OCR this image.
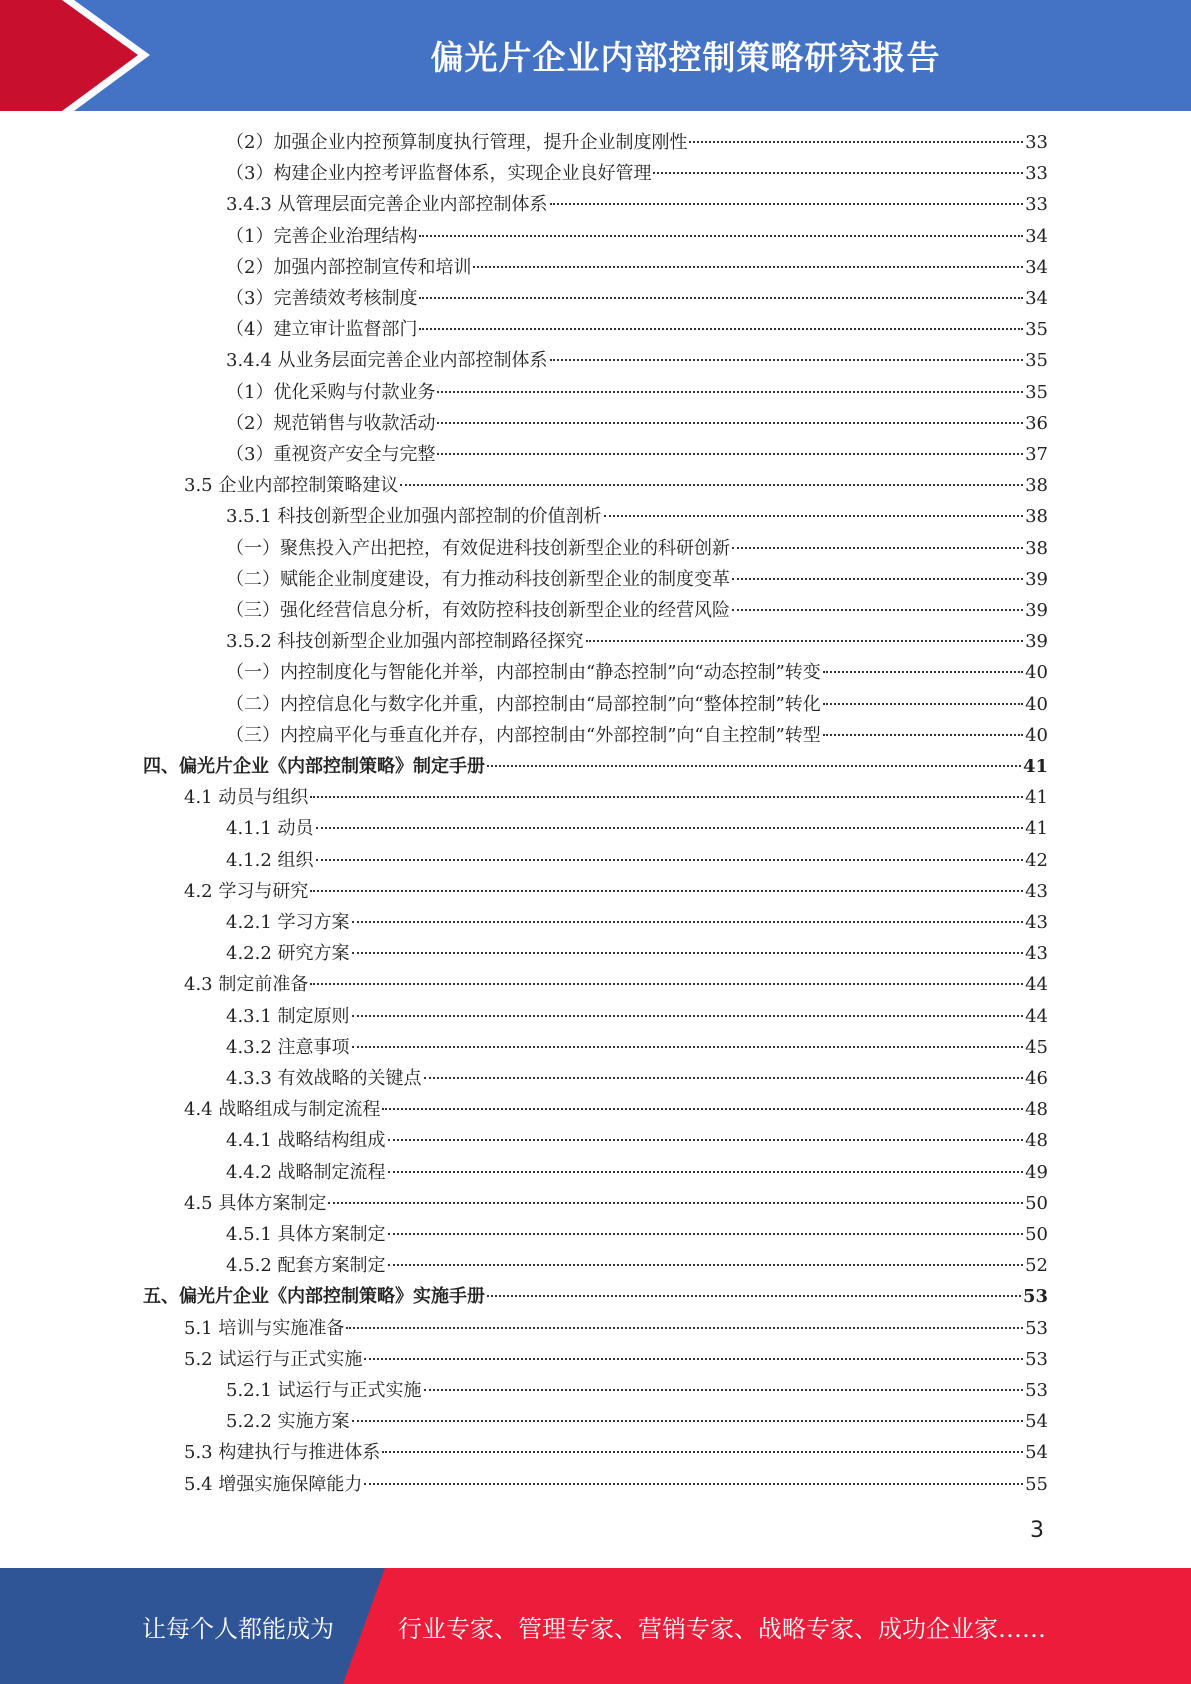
偏光片企业内部控制策略研究报告
（2）加强企业内控预算制度执行管理，提升企业制度刚性	33
（3）构建企业内控考评监督体系，实现企业良好管理	33
3.4.3 从管理层面完善企业内部控制体系	33
（1）完善企业治理结构	34
（2）加强内部控制宣传和培训	34
（3）完善绩效考核制度	34
（4）建立审计监督部门	35
3.4.4 从业务层面完善企业内部控制体系	35
（1）优化采购与付款业务	35
（2）规范销售与收款活动	36
（3）重视资产安全与完整	37
3.5 企业内部控制策略建议	38
3.5.1 科技创新型企业加强内部控制的价值剖析	38
（一）聚焦投入产出把控，有效促进科技创新型企业的科研创新	38
（二）赋能企业制度建设，有力推动科技创新型企业的制度变革	39
（三）强化经营信息分析，有效防控科技创新型企业的经营风险	39
3.5.2 科技创新型企业加强内部控制路径探究	39
（一）内控制度化与智能化并举，内部控制由“静态控制”向“动态控制”转变	40
（二）内控信息化与数字化并重，内部控制由“局部控制”向“整体控制”转化	40
（三）内控扁平化与垂直化并存，内部控制由“外部控制”向“自主控制”转型	40
四、偏光片企业《内部控制策略》制定手册	41
4.1 动员与组织	41
4.1.1 动员	41
4.1.2 组织	42
4.2 学习与研究	43
4.2.1 学习方案	43
4.2.2 研究方案	43
4.3 制定前准备	44
4.3.1 制定原则	44
4.3.2 注意事项	45
4.3.3 有效战略的关键点	46
4.4 战略组成与制定流程	48
4.4.1 战略结构组成	48
4.4.2 战略制定流程	49
4.5 具体方案制定	50
4.5.1 具体方案制定	50
4.5.2 配套方案制定	52
五、偏光片企业《内部控制策略》实施手册	53
5.1 培训与实施准备	53
5.2 试运行与正式实施	53
5.2.1 试运行与正式实施	53
5.2.2 实施方案	54
5.3 构建执行与推进体系	54
5.4 增强实施保障能力	55
3
让每个人都能成为	行业专家、管理专家、营销专家、战略专家、成功企业家……
